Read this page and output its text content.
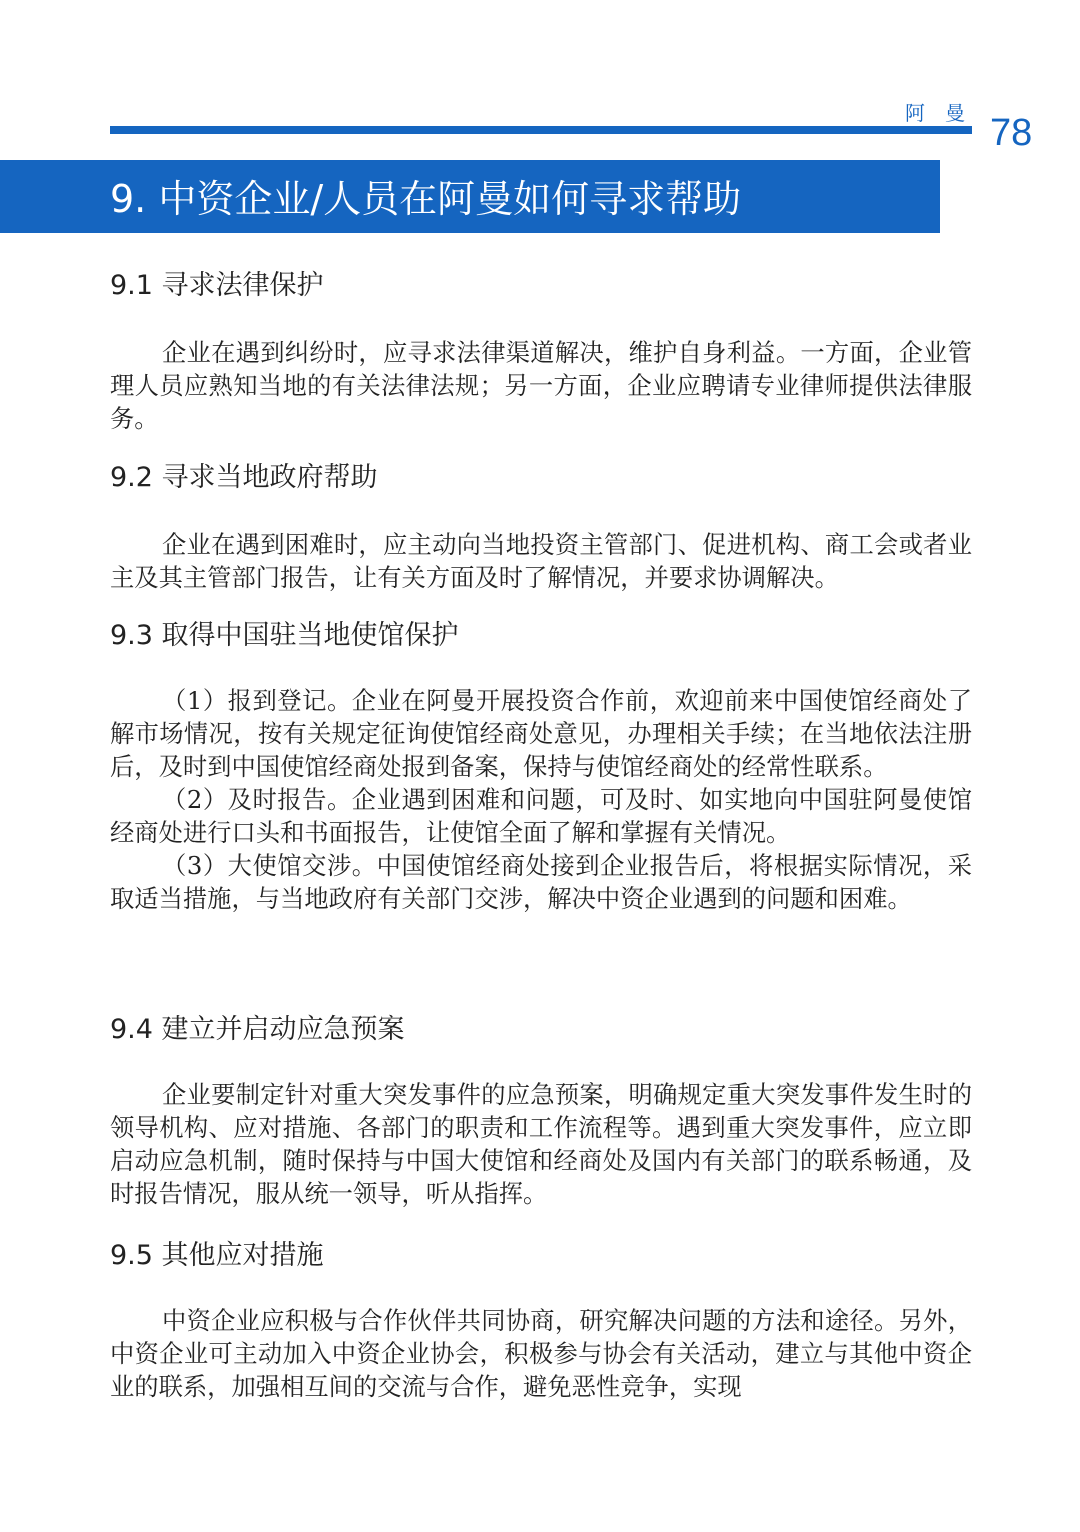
阿曼 78
9. 中资企业/人员在阿曼如何寻求帮助
9.1 寻求法律保护

企业在遇到纠纷时，应寻求法律渠道解决，维护自身利益。一方面，企业管理人员应熟知当地的有关法律法规；另一方面，企业应聘请专业律师提供法律服务。

9.2 寻求当地政府帮助

企业在遇到困难时，应主动向当地投资主管部门、促进机构、商工会或者业主及其主管部门报告，让有关方面及时了解情况，并要求协调解决。

9.3 取得中国驻当地使馆保护

（1）报到登记。企业在阿曼开展投资合作前，欢迎前来中国使馆经商处了解市场情况，按有关规定征询使馆经商处意见，办理相关手续；在当地依法注册后，及时到中国使馆经商处报到备案，保持与使馆经商处的经常性联系。

（2）及时报告。企业遇到困难和问题，可及时、如实地向中国驻阿曼使馆经商处进行口头和书面报告，让使馆全面了解和掌握有关情况。

（3）大使馆交涉。中国使馆经商处接到企业报告后，将根据实际情况，采取适当措施，与当地政府有关部门交涉，解决中资企业遇到的问题和困难。

9.4 建立并启动应急预案

企业要制定针对重大突发事件的应急预案，明确规定重大突发事件发生时的领导机构、应对措施、各部门的职责和工作流程等。遇到重大突发事件，应立即启动应急机制，随时保持与中国大使馆和经商处及国内有关部门的联系畅通，及时报告情况，服从统一领导，听从指挥。

9.5 其他应对措施

中资企业应积极与合作伙伴共同协商，研究解决问题的方法和途径。另外，中资企业可主动加入中资企业协会，积极参与协会有关活动，建立与其他中资企业的联系，加强相互间的交流与合作，避免恶性竞争，实现
